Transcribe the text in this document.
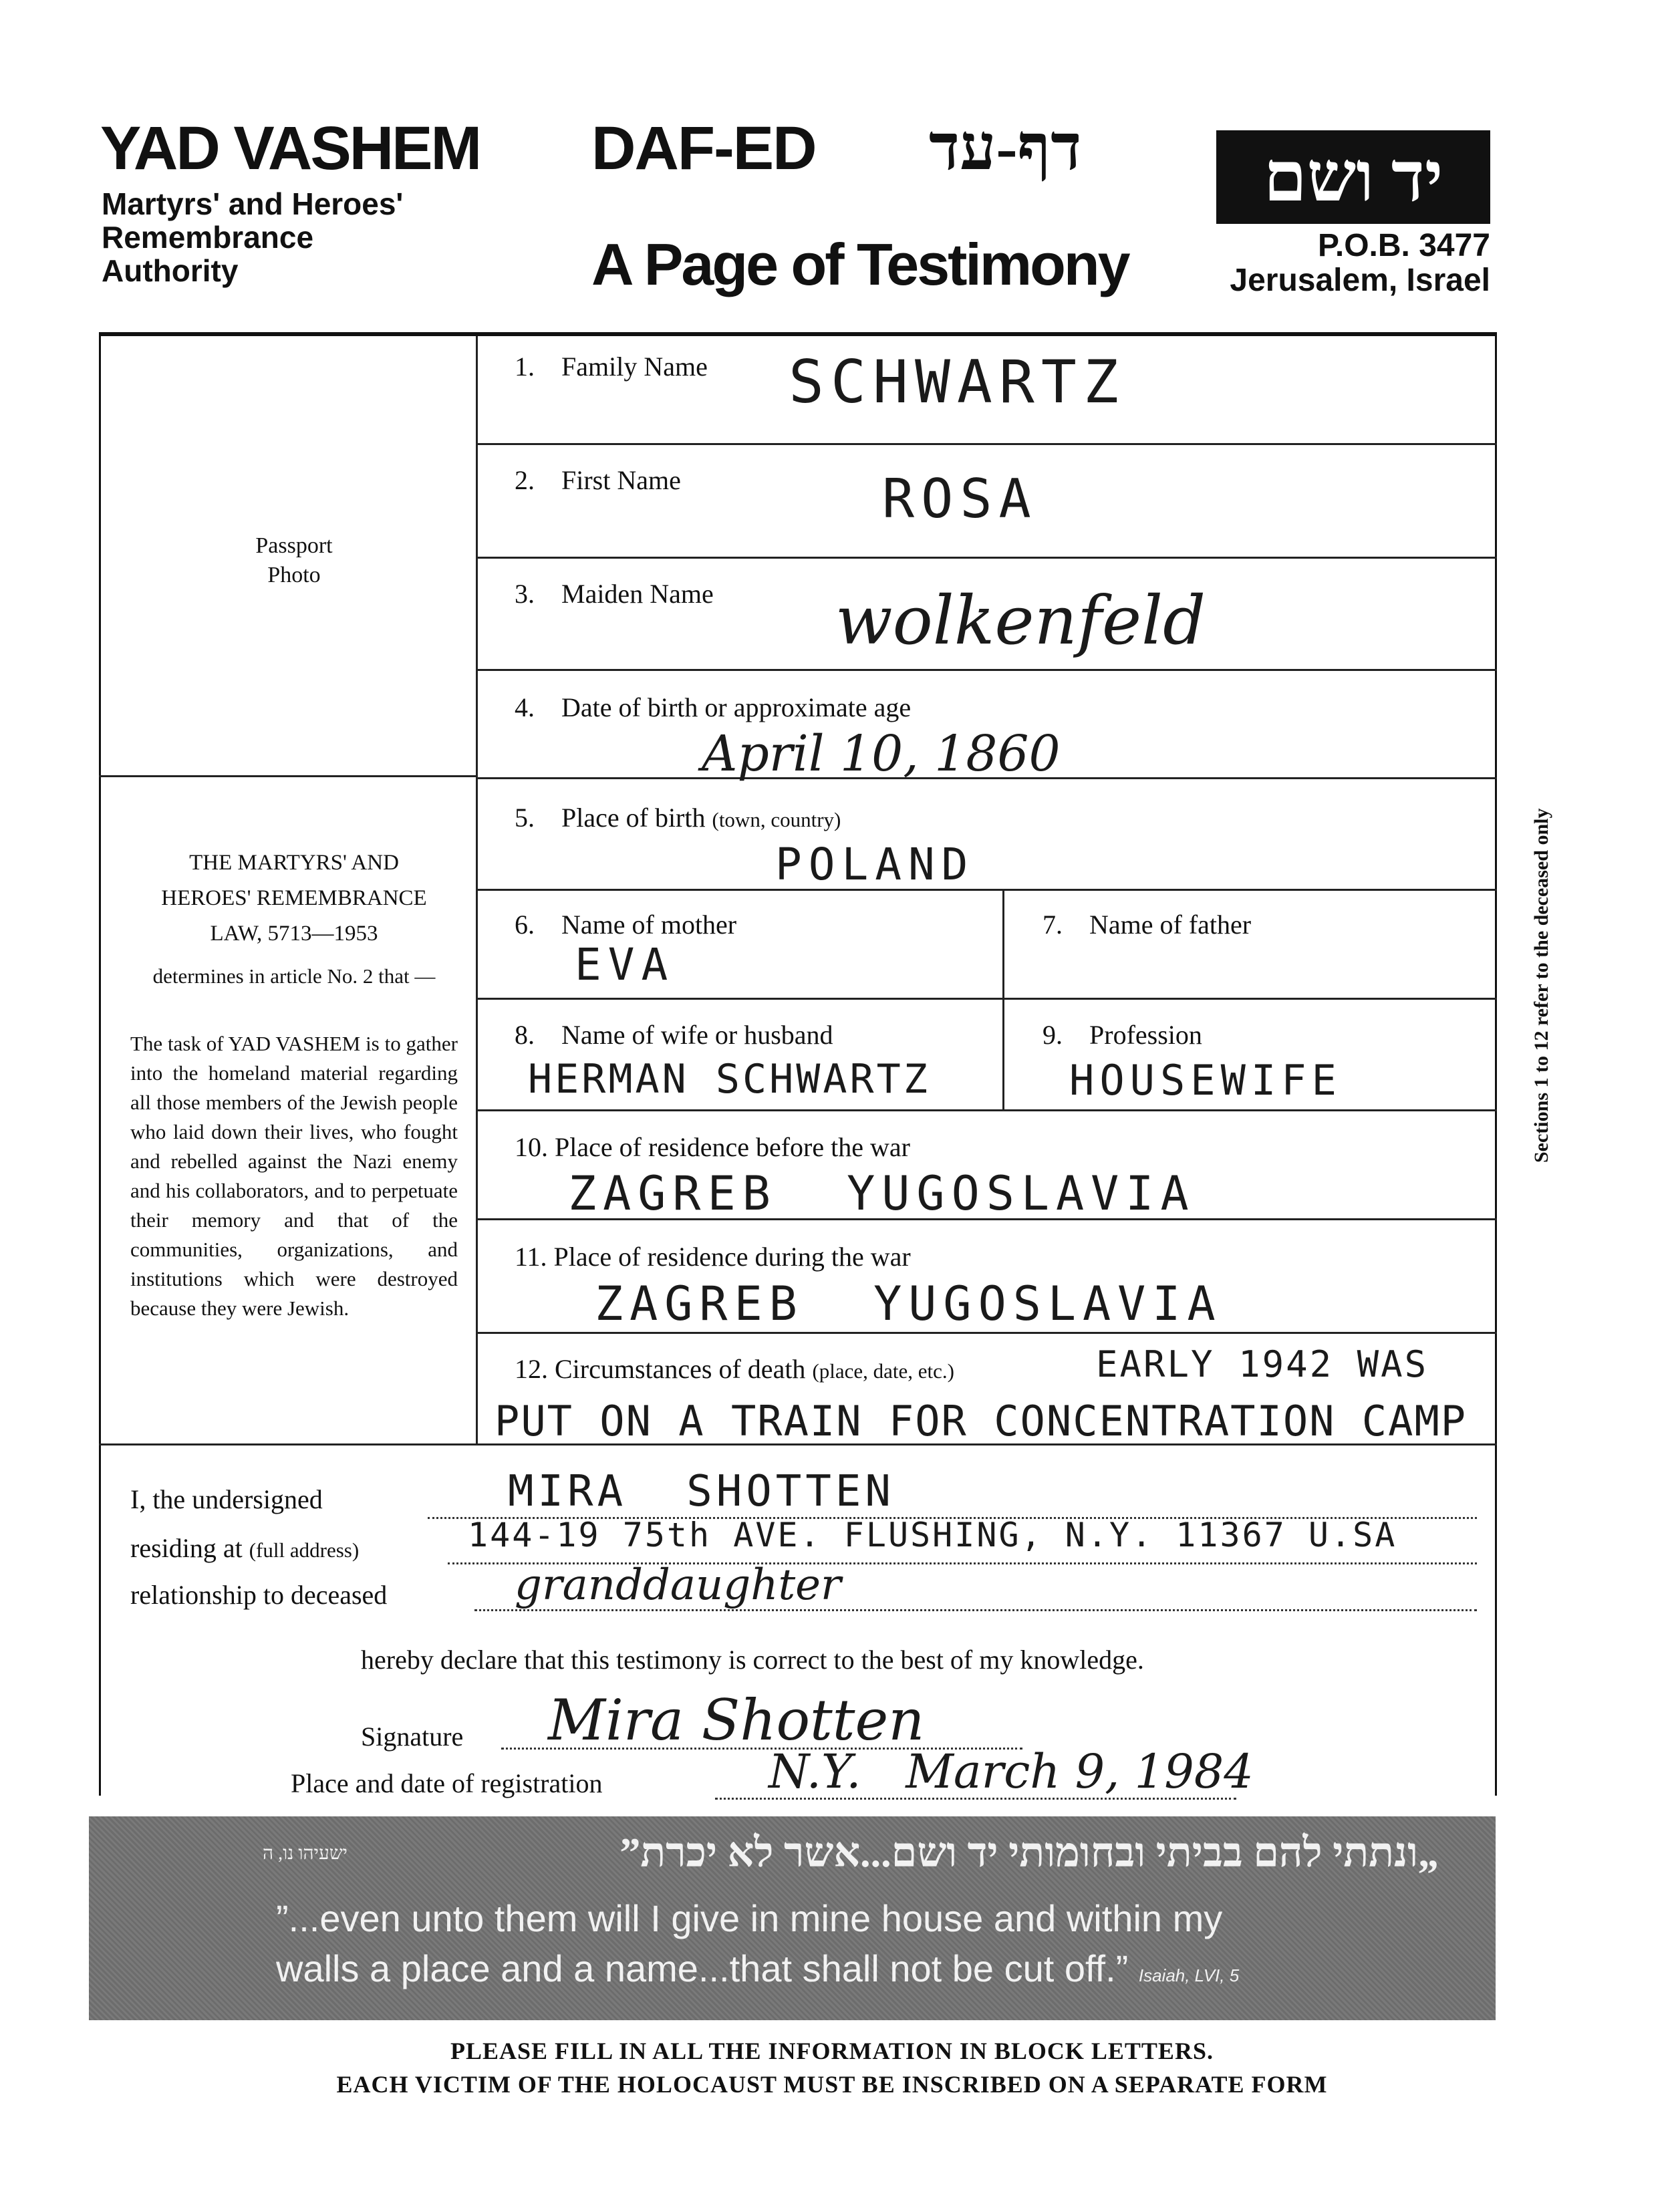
YAD VASHEM
Martyrs' and Heroes'
Remembrance
Authority
DAF-ED דף-עד
A Page of Testimony
יד ושם
P.O.B. 3477
Jerusalem, Israel
Passport
Photo
THE MARTYRS' AND
HEROES' REMEMBRANCE
LAW, 5713—1953
determines in article No. 2 that —
The task of YAD VASHEM is to gather into the homeland material regarding all those members of the Jewish people who laid down their lives, who fought and rebelled against the Nazi enemy and his collaborators, and to perpetuate their memory and that of the communities, organizations, and institutions which were destroyed because they were Jewish.
1. Family Name SCHWARTZ
2. First Name	ROSA
3. Maiden Name wolkenfeld
4. Date of birth or approximate age
April 10, 1860
5. Place of birth (town, country)
POLAND
6. Name of mother
EVA
7. Name of father
8. Name of wife or husband
HERMAN SCHWARTZ
9. Profession
HOUSEWIFE
10. Place of residence before the war
ZAGREB  YUGOSLAVIA
11. Place of residence during the war
ZAGREB  YUGOSLAVIA
12. Circumstances of death (place, date, etc.)	EARLY 1942 WAS
PUT ON A TRAIN FOR CONCENTRATION CAMP
Sections 1 to 12 refer to the deceased only
I, the undersigned	MIRA  SHOTTEN
residing at (full address)	144-19 75th AVE. FLUSHING, N.Y. 11367 U.SA
relationship to deceased	granddaughter
hereby declare that this testimony is correct to the best of my knowledge.
Signature Mira Shotten
Place and date of registration	N.Y.   March 9, 1984
„ונתתי להם בביתי ובחומותי יד ושם...אשר לא יכרת”
ישעיהו נו, ה
”...even unto them will I give in mine house and within my
walls a place and a name...that shall not be cut off.” Isaiah, LVI, 5
PLEASE FILL IN ALL THE INFORMATION IN BLOCK LETTERS.
EACH VICTIM OF THE HOLOCAUST MUST BE INSCRIBED ON A SEPARATE FORM
